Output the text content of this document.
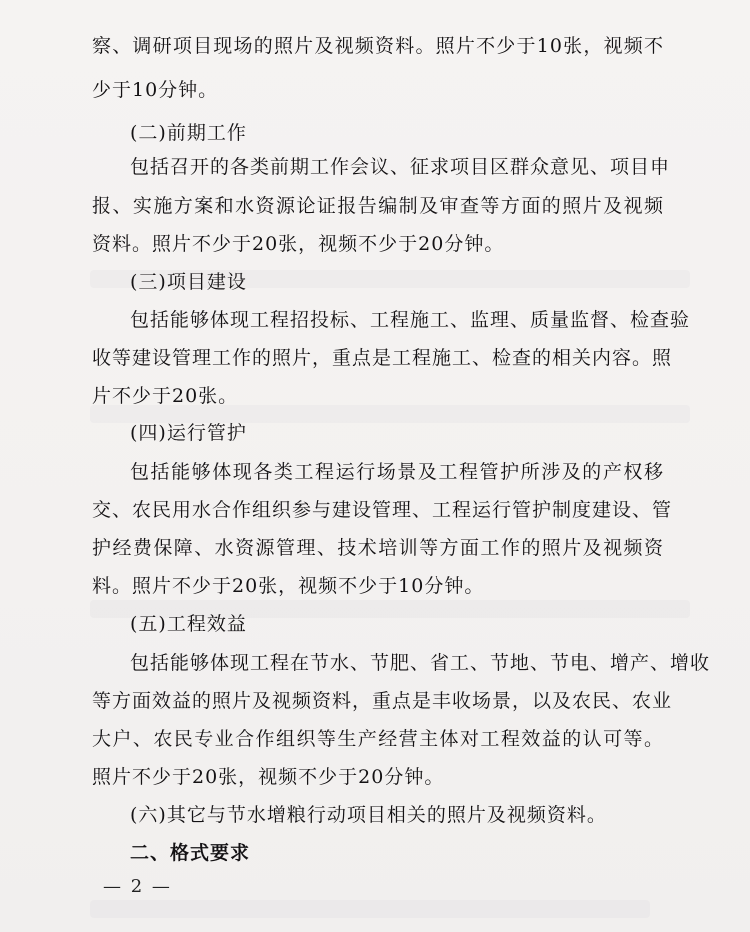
察、调研项目现场的照片及视频资料。照片不少于10张，视频不
少于10分钟。
(二)前期工作
包括召开的各类前期工作会议、征求项目区群众意见、项目申
报、实施方案和水资源论证报告编制及审查等方面的照片及视频
资料。照片不少于20张，视频不少于20分钟。
(三)项目建设
包括能够体现工程招投标、工程施工、监理、质量监督、检查验
收等建设管理工作的照片，重点是工程施工、检查的相关内容。照
片不少于20张。
(四)运行管护
包括能够体现各类工程运行场景及工程管护所涉及的产权移
交、农民用水合作组织参与建设管理、工程运行管护制度建设、管
护经费保障、水资源管理、技术培训等方面工作的照片及视频资
料。照片不少于20张，视频不少于10分钟。
(五)工程效益
包括能够体现工程在节水、节肥、省工、节地、节电、增产、增收
等方面效益的照片及视频资料，重点是丰收场景，以及农民、农业
大户、农民专业合作组织等生产经营主体对工程效益的认可等。
照片不少于20张，视频不少于20分钟。
(六)其它与节水增粮行动项目相关的照片及视频资料。
二、格式要求
— 2 —
